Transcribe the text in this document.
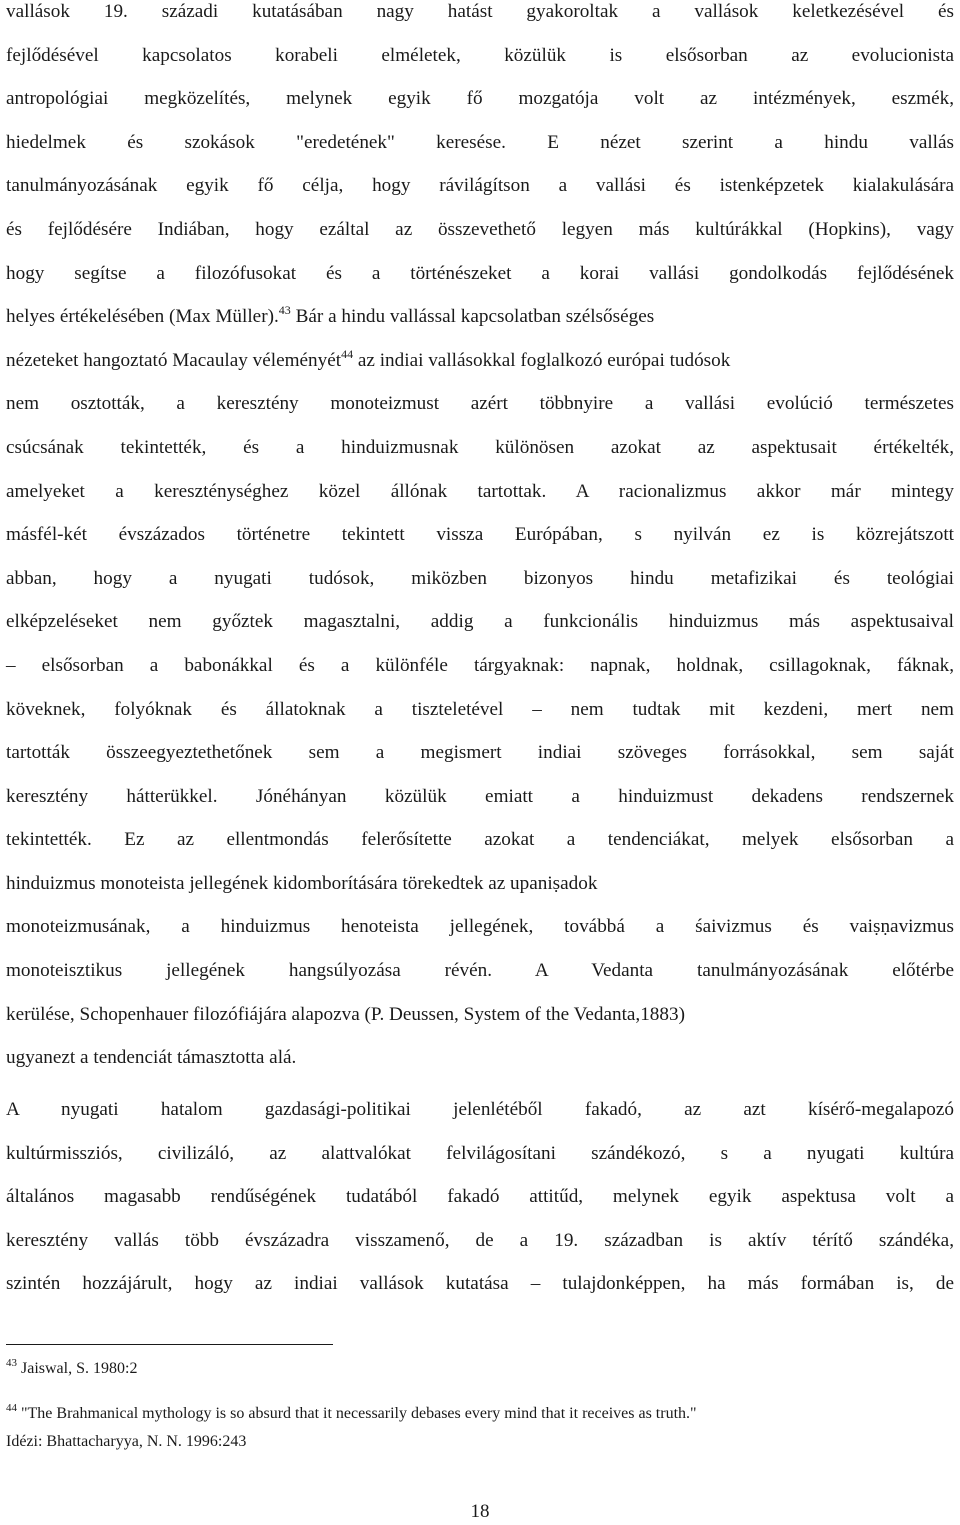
vallások 19. századi kutatásában nagy hatást gyakoroltak a vallások keletkezésével és
fejlődésével kapcsolatos korabeli elméletek, közülük is elsősorban az evolucionista
antropológiai megközelítés, melynek egyik fő mozgatója volt az intézmények, eszmék,
hiedelmek és szokások "eredetének" keresése. E nézet szerint a hindu vallás
tanulmányozásának egyik fő célja, hogy rávilágítson a vallási és istenképzetek kialakulására
és fejlődésére Indiában, hogy ezáltal az összevethető legyen más kultúrákkal (Hopkins), vagy
hogy segítse a filozófusokat és a történészeket a korai vallási gondolkodás fejlődésének
helyes értékelésében (Max Müller).$^{43}$ Bár a hindu vallással kapcsolatban szélsőséges
nézeteket hangoztató Macaulay véleményét$^{44}$ az indiai vallásokkal foglalkozó európai tudósok
nem osztották, a keresztény monoteizmust azért többnyire a vallási evolúció természetes
csúcsának tekintették, és a hinduizmusnak különösen azokat az aspektusait értékelték,
amelyeket a kereszténységhez közel állónak tartottak. A racionalizmus akkor már mintegy
másfél-két évszázados történetre tekintett vissza Európában, s nyilván ez is közrejátszott
abban, hogy a nyugati tudósok, miközben bizonyos hindu metafizikai és teológiai
elképzeléseket nem győztek magasztalni, addig a funkcionális hinduizmus más aspektusaival
– elsősorban a babonákkal és a különféle tárgyaknak: napnak, holdnak, csillagoknak, fáknak,
köveknek, folyóknak és állatoknak a tiszteletével – nem tudtak mit kezdeni, mert nem
tartották összeegyeztethetőnek sem a megismert indiai szöveges forrásokkal, sem saját
keresztény hátterükkel. Jónéhányan közülük emiatt a hinduizmust dekadens rendszernek
tekintették. Ez az ellentmondás felerősítette azokat a tendenciákat, melyek elsősorban a
hinduizmus monoteista jellegének kidomborítására törekedtek az upaniṣadok
monoteizmusának, a hinduizmus henoteista jellegének, továbbá a śaivizmus és vaiṣṇavizmus
monoteisztikus jellegének hangsúlyozása révén. A Vedanta tanulmányozásának előtérbe
kerülése, Schopenhauer filozófiájára alapozva (P. Deussen, System of the Vedanta,1883)
ugyanezt a tendenciát támasztotta alá.
A nyugati hatalom gazdasági-politikai jelenlétéből fakadó, az azt kísérő-megalapozó
kultúrmissziós, civilizáló, az alattvalókat felvilágosítani szándékozó, s a nyugati kultúra
általános magasabb rendűségének tudatából fakadó attitűd, melynek egyik aspektusa volt a
keresztény vallás több évszázadra visszamenő, de a 19. században is aktív térítő szándéka,
szintén hozzájárult, hogy az indiai vallások kutatása – tulajdonképpen, ha más formában is, de
$^{43}$ Jaiswal, S. 1980:2
$^{44}$ "The Brahmanical mythology is so absurd that it necessarily debases every mind that it receives as truth."
Idézi: Bhattacharyya, N. N. 1996:243
18
